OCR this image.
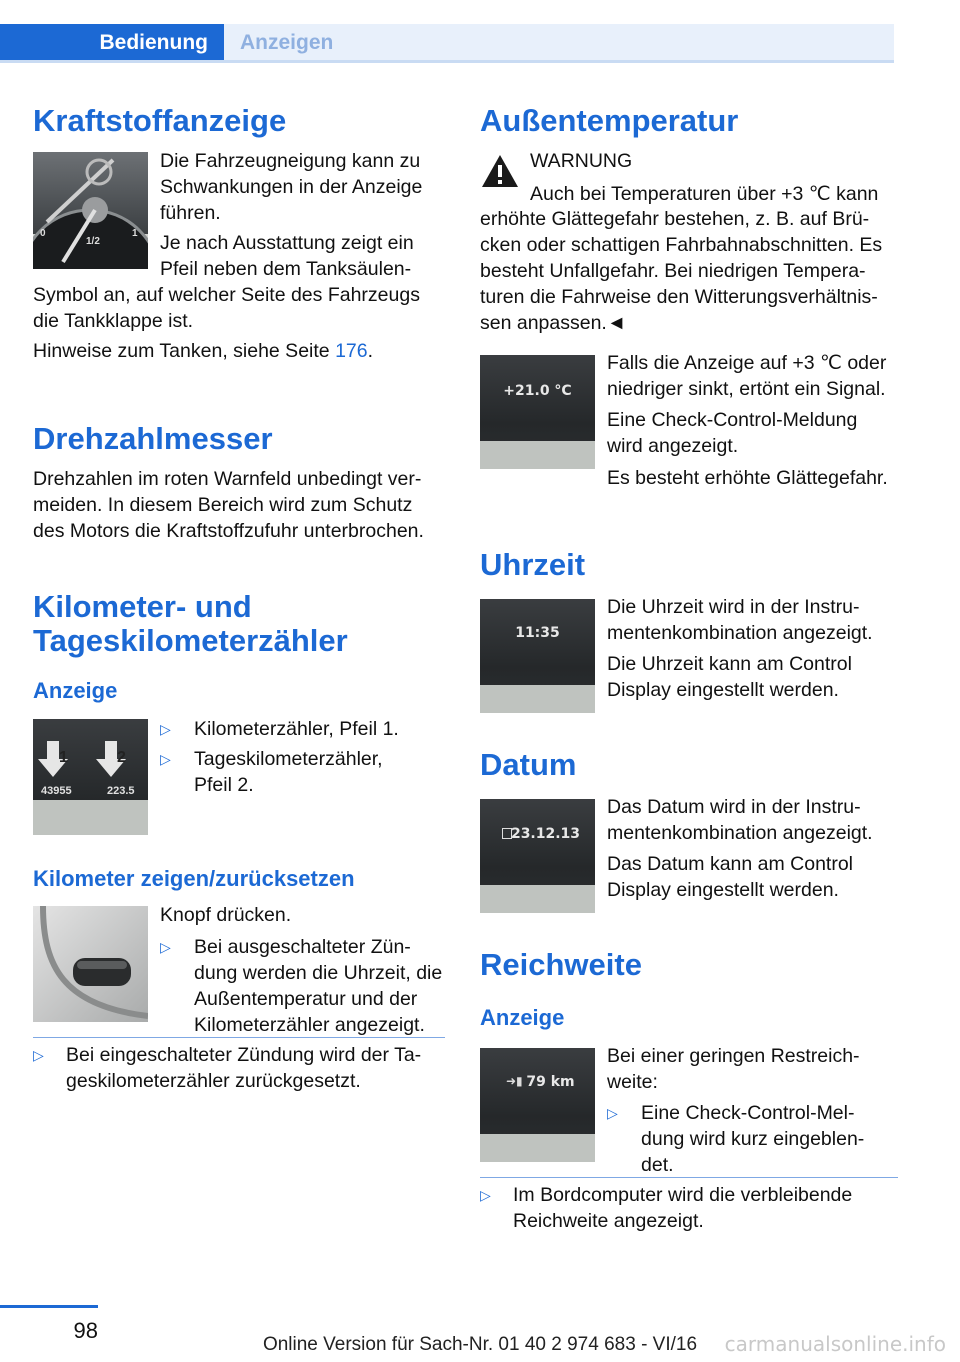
Bedienung	Anzeigen
Kraftstoffanzeige
0
1/2
1

Die Fahrzeugneigung kann zu Schwankungen in der Anzeige führen.

Je nach Ausstattung zeigt ein Pfeil neben dem Tanksäulen-

Symbol an, auf welcher Seite des Fahrzeugs die Tankklappe ist.

Hinweise zum Tanken, siehe Seite 176.

Drehzahlmesser

Drehzahlen im roten Warnfeld unbedingt ver-meiden. In diesem Bereich wird zum Schutz des Motors die Kraftstoffzufuhr unterbrochen.

Kilometer- und Tageskilometerzähler
Anzeige
1	2
43955	223.5
▷ Kilometerzähler, Pfeil 1.

▷ Tageskilometerzähler, Pfeil 2.

Kilometer zeigen/zurücksetzen

Knopf drücken.

▷ Bei ausgeschalteter Zün-dung werden die Uhrzeit, die Außentemperatur und der Kilometerzähler angezeigt.

▷ Bei eingeschalteter Zündung wird der Ta-geskilometerzähler zurückgesetzt.

Außentemperatur

WARNUNG

Auch bei Temperaturen über +3 ℃ kann

erhöhte Glättegefahr bestehen, z. B. auf Brü-cken oder schattigen Fahrbahnabschnitten. Es besteht Unfallgefahr. Bei niedrigen Tempera-turen die Fahrweise den Witterungsverhältnis-sen anpassen.◄

+21.0 °C

Falls die Anzeige auf +3 ℃ oder niedriger sinkt, ertönt ein Signal.

Eine Check-Control-Meldung wird angezeigt.

Es besteht erhöhte Glättegefahr.

Uhrzeit
11:35

Die Uhrzeit wird in der Instru-mentenkombination angezeigt.

Die Uhrzeit kann am Control Display eingestellt werden.

Datum
23.12.13

Das Datum wird in der Instru-mentenkombination angezeigt.

Das Datum kann am Control Display eingestellt werden.

Reichweite
Anzeige
➜▮ 79 km

Bei einer geringen Restreich-weite:

▷ Eine Check-Control-Mel-dung wird kurz eingeblen-det.

▷ Im Bordcomputer wird die verbleibende Reichweite angezeigt.

98
Online Version für Sach-Nr. 01 40 2 974 683 - VI/16	carmanualsonline.info
